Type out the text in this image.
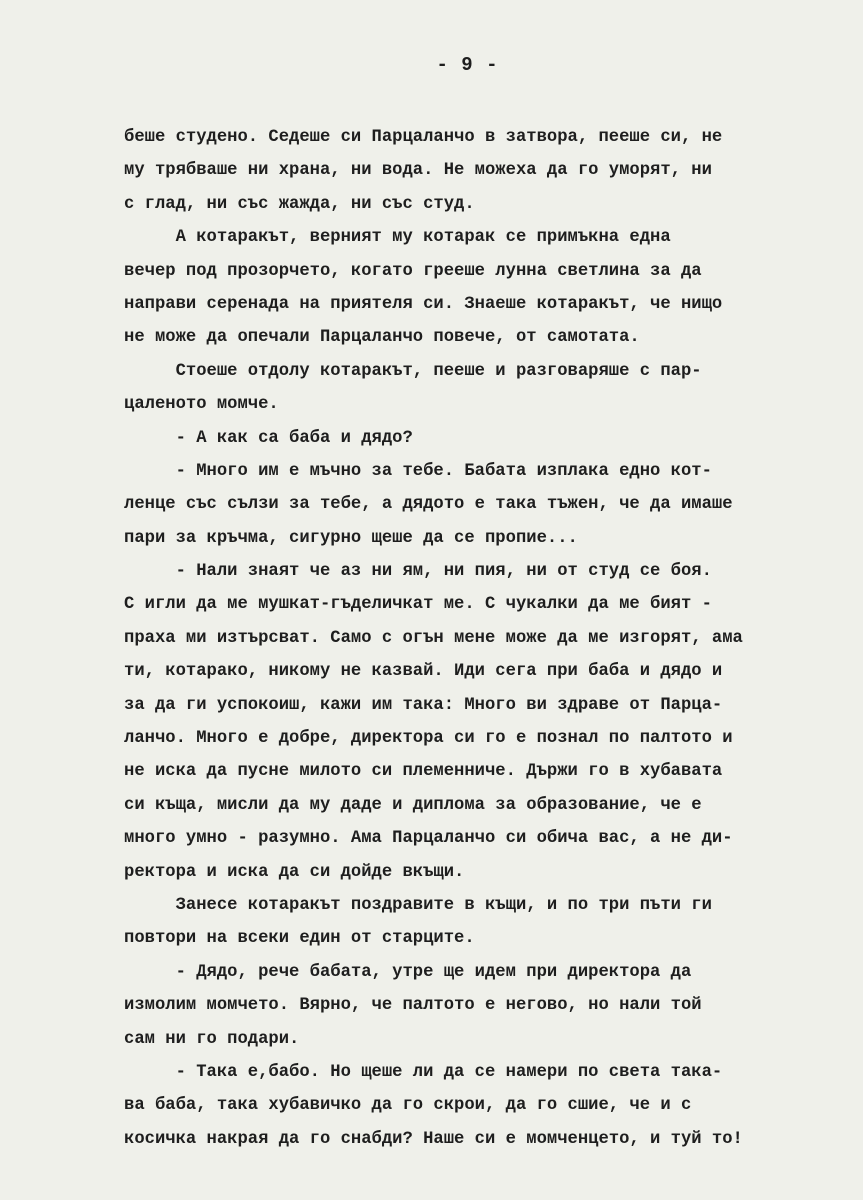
- 9 -
беше студено. Седеше си Парцаланчо в затвора, пееше си, не
му трябваше ни храна, ни вода. Не можеха да го уморят, ни
с глад, ни със жажда, ни със студ.
А котаракът, верният му котарак се примъкна една
вечер под прозорчето, когато грееше лунна светлина за да
направи серенада на приятеля си. Знаеше котаракът, че нищо
не може да опечали Парцаланчо повече, от самотата.
Стоеше отдолу котаракът, пееше и разговаряше с пар-
цаленото момче.
- А как са баба и дядо?
- Много им е мъчно за тебе. Бабата изплака едно кот-
ленце със сълзи за тебе, а дядото е така тъжен, че да имаше
пари за кръчма, сигурно щеше да се пропие...
- Нали знаят че аз ни ям, ни пия, ни от студ се боя.
С игли да ме мушкат-гъделичкат ме. С чукалки да ме бият -
праха ми изтърсват. Само с огън мене може да ме изгорят, ама
ти, котарако, никому не казвай. Иди сега при баба и дядо и
за да ги успокоиш, кажи им така: Много ви здраве от Парца-
ланчо. Много е добре, директора си го е познал по палтото и
не иска да пусне милото си племенниче. Държи го в хубавата
си къща, мисли да му даде и диплома за образование, че е
много умно - разумно. Ама Парцаланчо си обича вас, а не ди-
ректора и иска да си дойде вкъщи.
Занесе котаракът поздравите в къщи, и по три пъти ги
повтори на всеки един от старците.
- Дядо, рече бабата, утре ще идем при директора да
измолим момчето. Вярно, че палтото е негово, но нали той
сам ни го подари.
- Така е,бабо. Но щеше ли да се намери по света така-
ва баба, така хубавичко да го скрои, да го сшие, че и с
косичка накрая да го снабди? Наше си е момченцето, и туй то!
